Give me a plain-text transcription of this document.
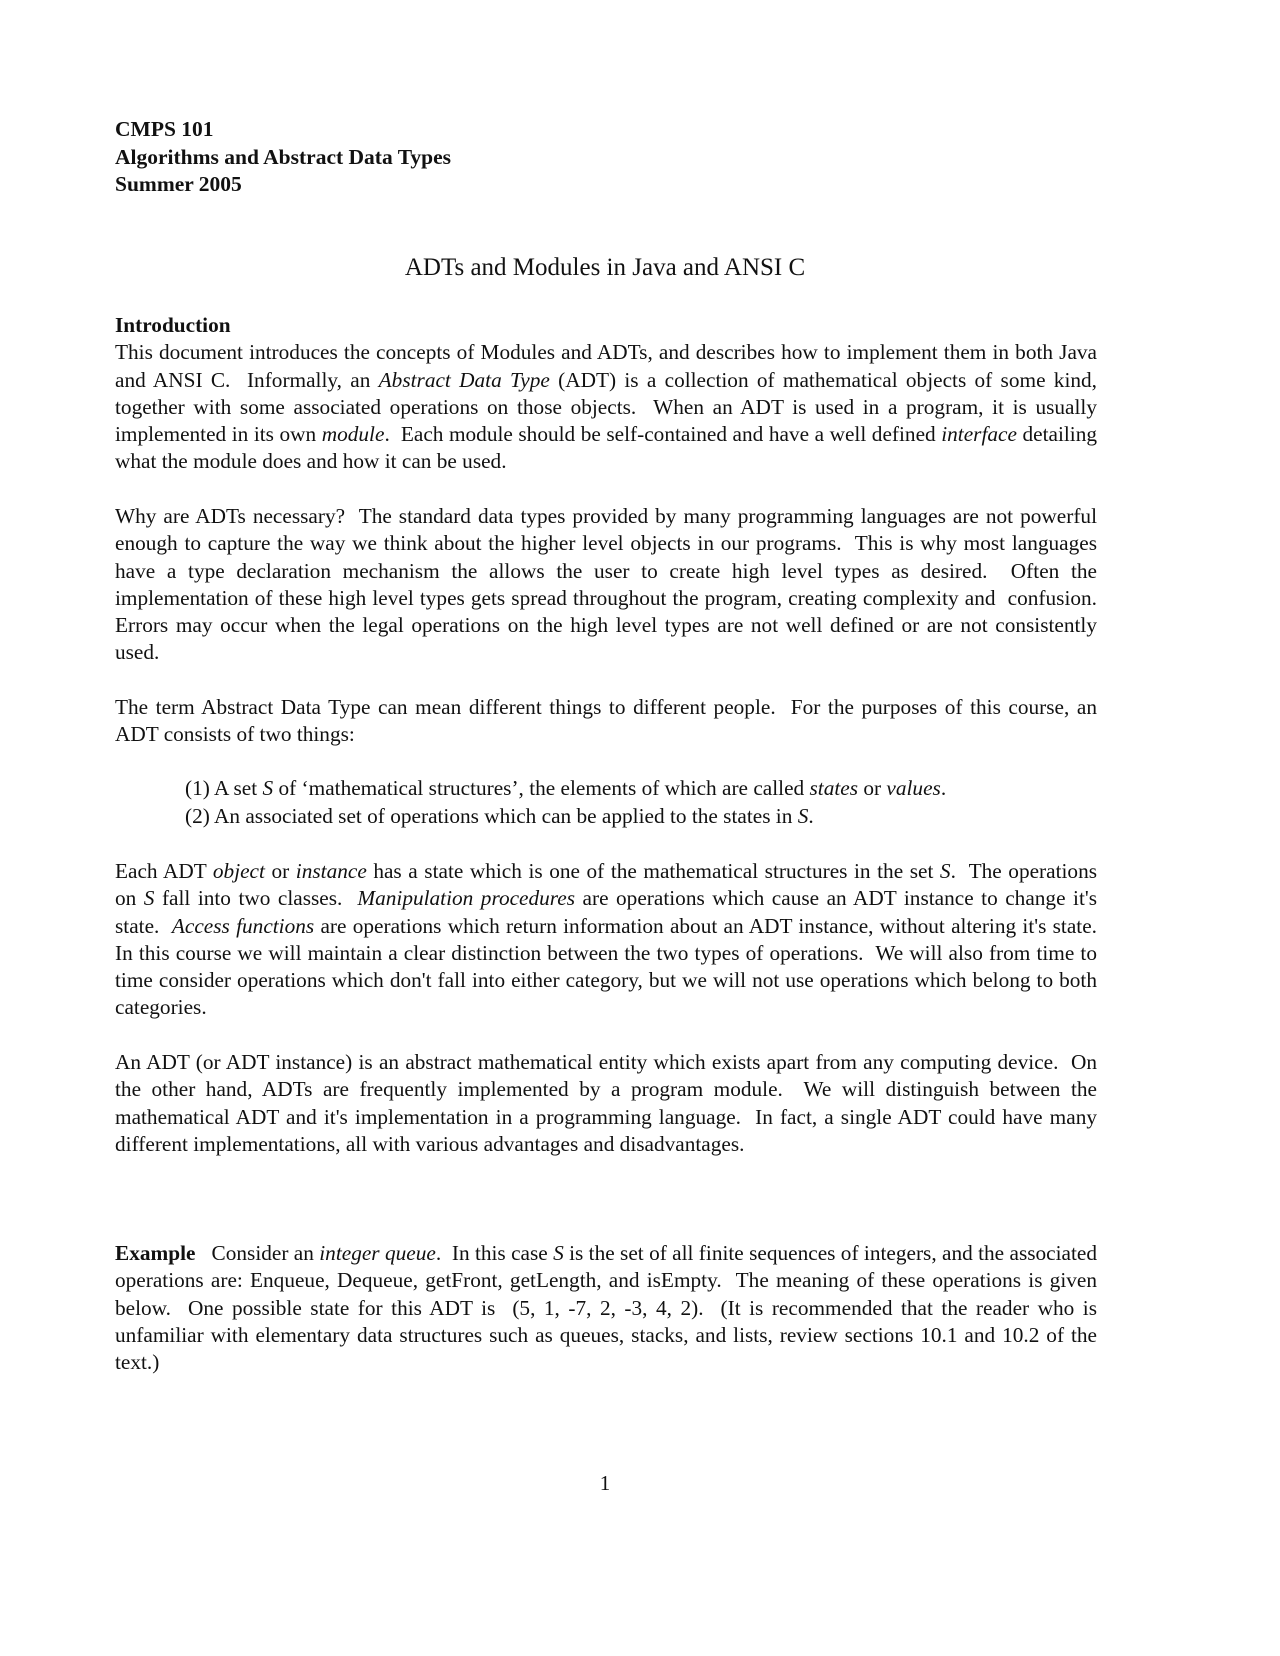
CMPS 101
Algorithms and Abstract Data Types
Summer 2005
ADTs and Modules in Java and ANSI C
Introduction
This document introduces the concepts of Modules and ADTs, and describes how to implement them in both Java and ANSI C.  Informally, an Abstract Data Type (ADT) is a collection of mathematical objects of some kind, together with some associated operations on those objects.  When an ADT is used in a program, it is usually implemented in its own module.  Each module should be self-contained and have a well defined interface detailing what the module does and how it can be used.
Why are ADTs necessary?  The standard data types provided by many programming languages are not powerful enough to capture the way we think about the higher level objects in our programs.  This is why most languages have a type declaration mechanism the allows the user to create high level types as desired.  Often the implementation of these high level types gets spread throughout the program, creating complexity and  confusion.  Errors may occur when the legal operations on the high level types are not well defined or are not consistently used.
The term Abstract Data Type can mean different things to different people.  For the purposes of this course, an ADT consists of two things:
(1) A set S of ‘mathematical structures’, the elements of which are called states or values.
(2) An associated set of operations which can be applied to the states in S.
Each ADT object or instance has a state which is one of the mathematical structures in the set S.  The operations on S fall into two classes.  Manipulation procedures are operations which cause an ADT instance to change it's state.  Access functions are operations which return information about an ADT instance, without altering it's state.  In this course we will maintain a clear distinction between the two types of operations.  We will also from time to time consider operations which don't fall into either category, but we will not use operations which belong to both categories.
An ADT (or ADT instance) is an abstract mathematical entity which exists apart from any computing device.  On the other hand, ADTs are frequently implemented by a program module.  We will distinguish between the mathematical ADT and it's implementation in a programming language.  In fact, a single ADT could have many different implementations, all with various advantages and disadvantages.
Example   Consider an integer queue.  In this case S is the set of all finite sequences of integers, and the associated operations are: Enqueue, Dequeue, getFront, getLength, and isEmpty.  The meaning of these operations is given below.  One possible state for this ADT is  (5, 1, -7, 2, -3, 4, 2).  (It is recommended that the reader who is unfamiliar with elementary data structures such as queues, stacks, and lists, review sections 10.1 and 10.2 of the text.)
1
